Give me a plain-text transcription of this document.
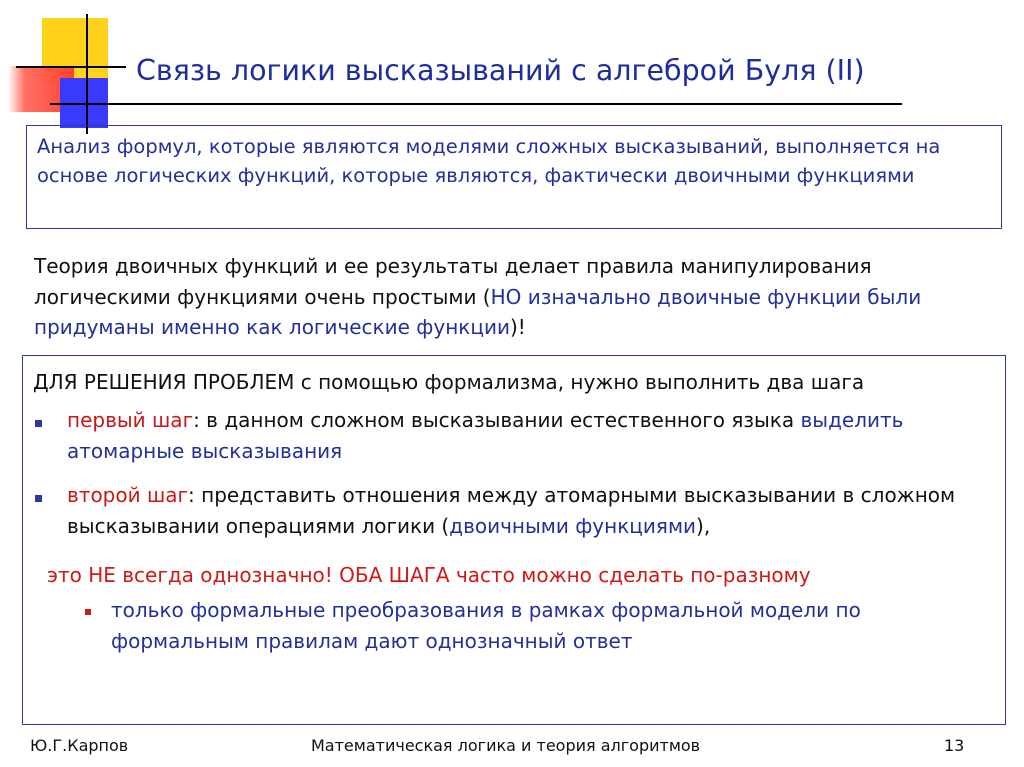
Связь логики высказываний с алгеброй Буля (II)
Анализ формул, которые являются моделями сложных высказываний, выполняется на основе логических функций, которые являются, фактически двоичными функциями
Теория двоичных функций и ее результаты делает правила манипулирования логическими функциями очень простыми (НО изначально двоичные функции были придуманы именно как логические функции)!
ДЛЯ РЕШЕНИЯ ПРОБЛЕМ с помощью формализма, нужно выполнить два шага
первый шаг: в данном сложном высказывании естественного языка выделить атомарные высказывания
второй шаг: представить отношения между атомарными высказывании в сложном высказывании операциями логики (двоичными функциями),
это НЕ всегда однозначно! ОБА ШАГА часто можно сделать по-разному
только формальные преобразования в рамках формальной модели по формальным правилам дают однозначный ответ
Ю.Г.Карпов	Математическая логика и теория алгоритмов	13
